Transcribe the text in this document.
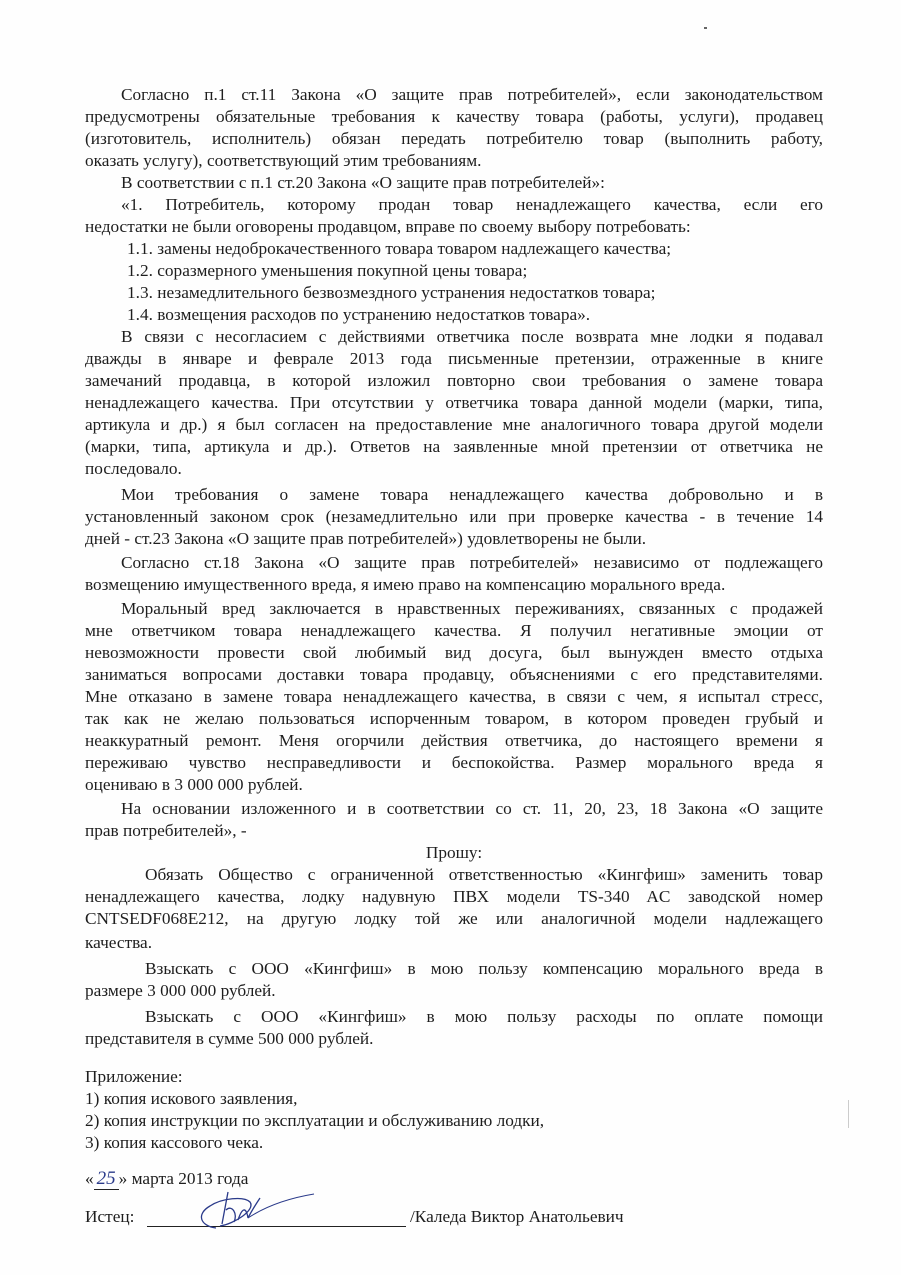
Согласно п.1 ст.11 Закона «О защите прав потребителей», если законодательством
предусмотрены обязательные требования к качеству товара (работы, услуги), продавец
(изготовитель, исполнитель) обязан передать потребителю товар (выполнить работу,
оказать услугу), соответствующий этим требованиям.
В соответствии с п.1 ст.20 Закона «О защите прав потребителей»:
«1. Потребитель, которому продан товар ненадлежащего качества, если его
недостатки не были оговорены продавцом, вправе по своему выбору потребовать:
1.1. замены недоброкачественного товара товаром надлежащего качества;
1.2. соразмерного уменьшения покупной цены товара;
1.3. незамедлительного безвозмездного устранения недостатков товара;
1.4. возмещения расходов по устранению недостатков товара».
В связи с несогласием с действиями ответчика после возврата мне лодки я подавал
дважды в январе и феврале 2013 года письменные претензии, отраженные в книге
замечаний продавца, в которой изложил повторно свои требования о замене товара
ненадлежащего качества. При отсутствии у ответчика товара данной модели (марки, типа,
артикула и др.) я был согласен на предоставление мне аналогичного товара другой модели
(марки, типа, артикула и др.). Ответов на заявленные мной претензии от ответчика не
последовало.
Мои требования о замене товара ненадлежащего качества добровольно и в
установленный законом срок (незамедлительно или при проверке качества - в течение 14
дней - ст.23 Закона «О защите прав потребителей») удовлетворены не были.
Согласно ст.18 Закона «О защите прав потребителей» независимо от подлежащего
возмещению имущественного вреда, я имею право на компенсацию морального вреда.
Моральный вред заключается в нравственных переживаниях, связанных с продажей
мне ответчиком товара ненадлежащего качества. Я получил негативные эмоции от
невозможности провести свой любимый вид досуга, был вынужден вместо отдыха
заниматься вопросами доставки товара продавцу, объяснениями с его представителями.
Мне отказано в замене товара ненадлежащего качества, в связи с чем, я испытал стресс,
так как не желаю пользоваться испорченным товаром, в котором проведен грубый и
неаккуратный ремонт. Меня огорчили действия ответчика, до настоящего времени я
переживаю чувство несправедливости и беспокойства. Размер морального вреда я
оцениваю в 3 000 000 рублей.
На основании изложенного и в соответствии со ст. 11, 20, 23, 18 Закона «О защите
прав потребителей», -
Прошу:
Обязать Общество с ограниченной ответственностью «Кингфиш» заменить товар
ненадлежащего качества, лодку надувную ПВХ модели TS-340 AC заводской номер
CNTSEDF068E212, на другую лодку той же или аналогичной модели надлежащего
качества.
Взыскать с ООО «Кингфиш» в мою пользу компенсацию морального вреда в
размере 3 000 000 рублей.
Взыскать с ООО «Кингфиш» в мою пользу расходы по оплате помощи
представителя в сумме 500 000 рублей.
Приложение:
1) копия искового заявления,
2) копия инструкции по эксплуатации и обслуживанию лодки,
3) копия кассового чека.
« 25 » марта 2013 года
Истец:	/Каледа Виктор Анатольевич
